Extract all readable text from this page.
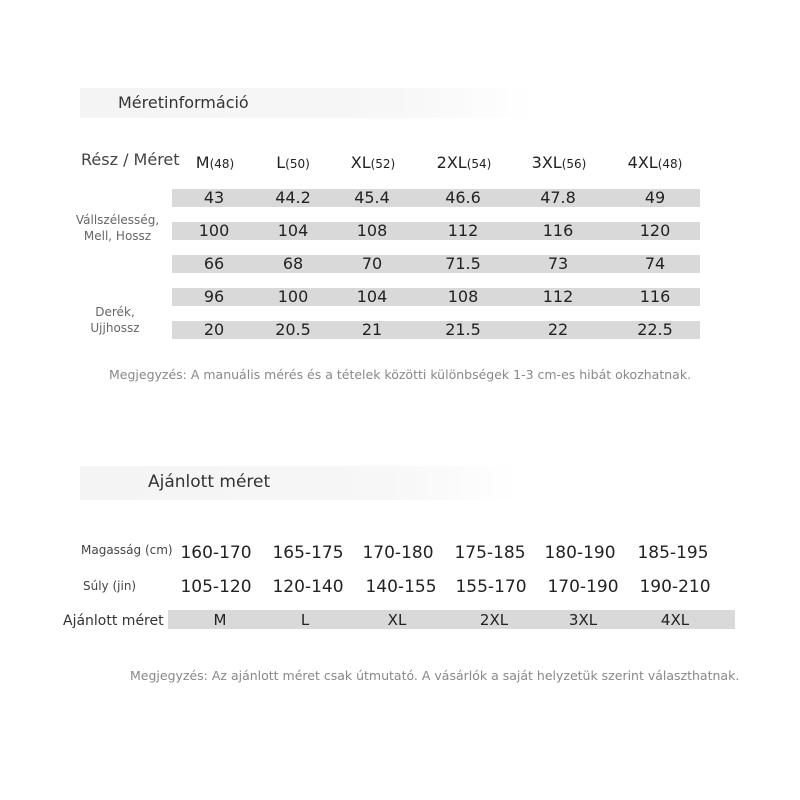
Méretinformáció
Rész / Méret	M(48)	L(50)	XL(52)	2XL(54)	3XL(56)	4XL(48)
Vállszélesség, Mell, Hossz
Derék, Ujjhossz
43	44.2	45.4	46.6	47.8	49
100	104	108	112	116	120
66	68	70	71.5	73	74
96	100	104	108	112	116
20	20.5	21	21.5	22	22.5
Megjegyzés: A manuális mérés és a tételek közötti különbségek 1-3 cm-es hibát okozhatnak.
Ajánlott méret
Magasság (cm) 160-170	165-175	170-180	175-185	180-190	185-195
Súly (jin)	105-120	120-140	140-155	155-170	170-190	190-210
Ajánlott méret	M	L	XL	2XL	3XL	4XL
Megjegyzés: Az ajánlott méret csak útmutató. A vásárlók a saját helyzetük szerint választhatnak.
